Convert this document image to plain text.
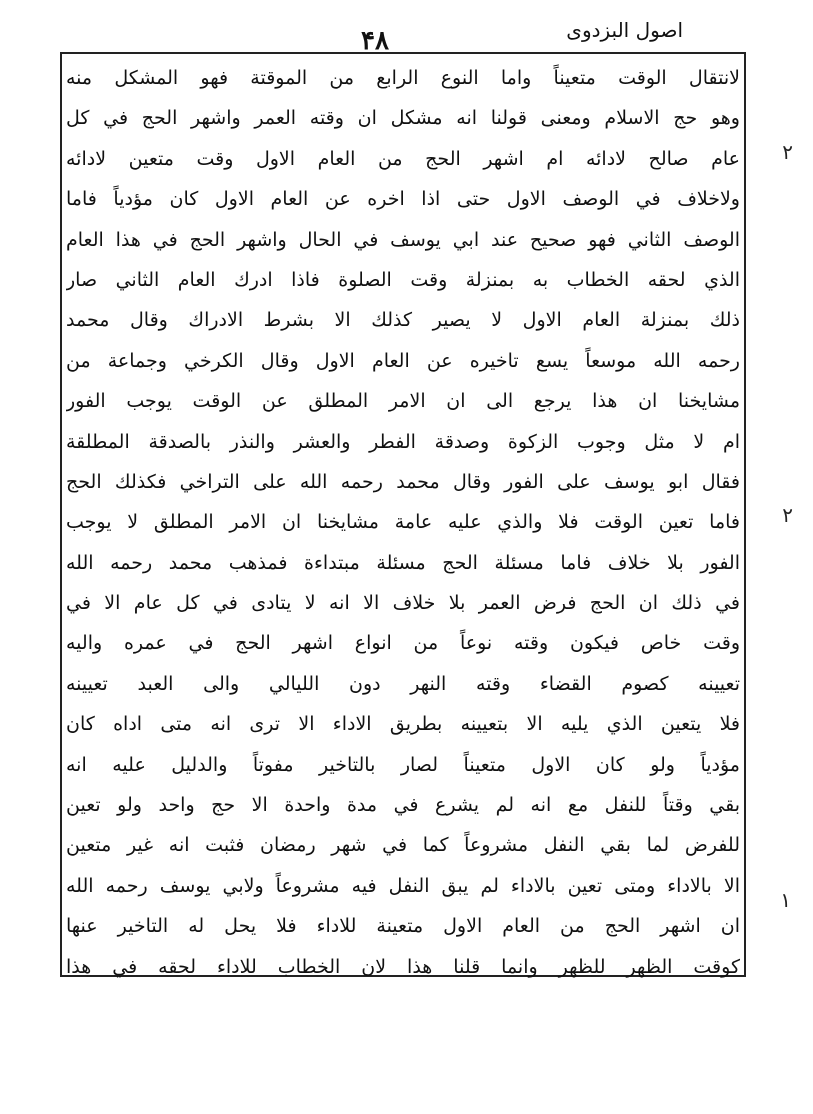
اصول البزدوی
۴۸
لانتقال الوقت متعيناً واما النوع الرابع من الموقتة فهو المشكل منه
وهو حج الاسلام ومعنى قولنا انه مشكل ان وقته العمر واشهر الحج في كل
عام صالح لادائه ام اشهر الحج من العام الاول وقت متعين لادائه
ولاخلاف في الوصف الاول حتى اذا اخره عن العام الاول كان مؤدياً فاما
الوصف الثاني فهو صحيح عند ابي يوسف في الحال واشهر الحج في هذا العام
الذي لحقه الخطاب به بمنزلة وقت الصلوة فاذا ادرك العام الثاني صار
ذلك بمنزلة العام الاول لا يصير كذلك الا بشرط الادراك وقال محمد
رحمه الله موسعاً يسع تاخيره عن العام الاول وقال الكرخي وجماعة من
مشايخنا ان هذا يرجع الى ان الامر المطلق عن الوقت يوجب الفور
ام لا مثل وجوب الزكوة وصدقة الفطر والعشر والنذر بالصدقة المطلقة
فقال ابو يوسف على الفور وقال محمد رحمه الله على التراخي فكذلك الحج
فاما تعين الوقت فلا والذي عليه عامة مشايخنا ان الامر المطلق لا يوجب
الفور بلا خلاف فاما مسئلة الحج مسئلة مبتداءة فمذهب محمد رحمه الله
في ذلك ان الحج فرض العمر بلا خلاف الا انه لا يتادى في كل عام الا في
وقت خاص فيكون وقته نوعاً من انواع اشهر الحج في عمره واليه
تعيينه كصوم القضاء وقته النهر دون الليالي والى العبد تعيينه
فلا يتعين الذي يليه الا بتعيينه بطريق الاداء الا ترى انه متى اداه كان
مؤدياً ولو كان الاول متعيناً لصار بالتاخير مفوتاً والدليل عليه انه
بقي وقتاً للنفل مع انه لم يشرع في مدة واحدة الا حج واحد ولو تعين
للفرض لما بقي النفل مشروعاً كما في شهر رمضان فثبت انه غير متعين
الا بالاداء ومتى تعين بالاداء لم يبق النفل فيه مشروعاً ولابي يوسف رحمه الله
ان اشهر الحج من العام الاول متعينة للاداء فلا يحل له التاخير عنها
كوقت الظهر للظهر وانما قلنا هذا لان الخطاب للاداء لحقه في هذا
۲
۲
۱
